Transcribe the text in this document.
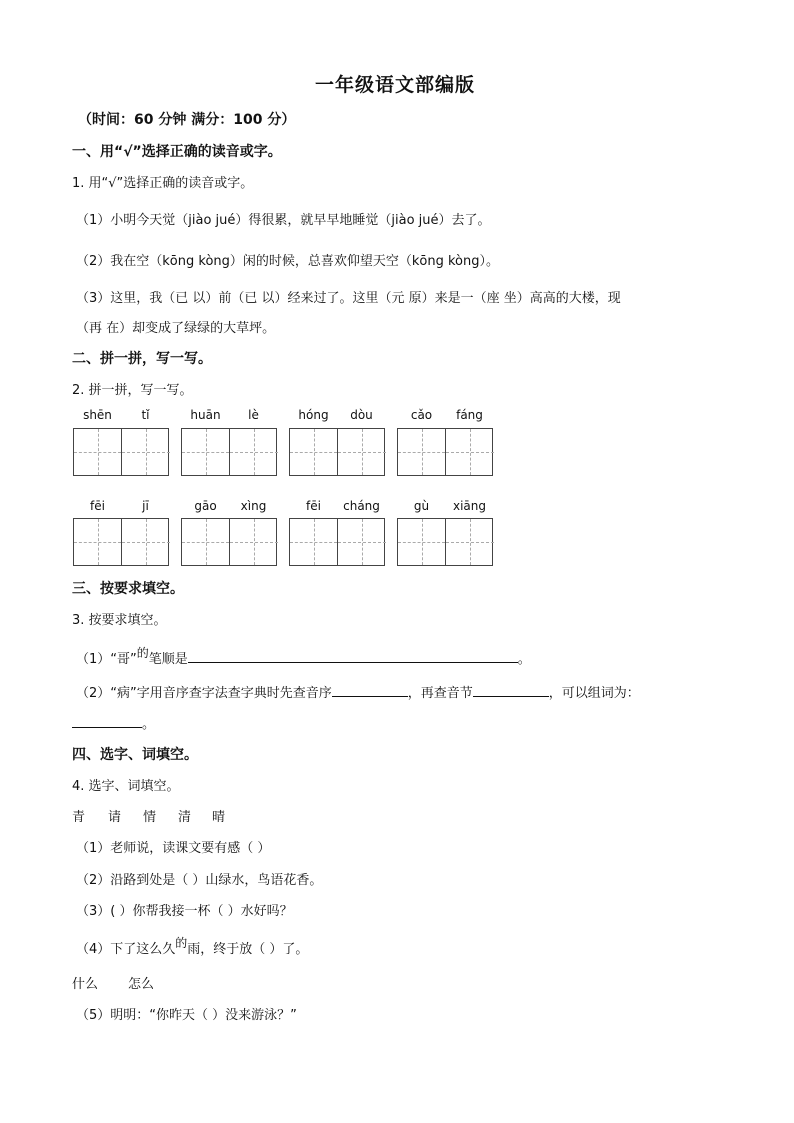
一年级语文部编版
（时间：60 分钟 满分：100 分）
一、用“√”选择正确的读音或字。
1. 用“√”选择正确的读音或字。
（1）小明今天觉（jiào jué）得很累，就早早地睡觉（jiào jué）去了。
（2）我在空（kōng kòng）闲的时候，总喜欢仰望天空（kōng kòng）。
（3）这里，我（已 以）前（已 以）经来过了。这里（元 原）来是一（座 坐）高高的大楼，现
（再 在）却变成了绿绿的大草坪。
二、拼一拼，写一写。
2. 拼一拼，写一写。
shēn	tǐ	huān	lè	hóng	dòu	cǎo	fáng
fēi	jī	gāo	xìng	fēi	cháng	gù	xiāng
三、按要求填空。
3. 按要求填空。
（1）“哥”的笔顺是	。
（2）“病”字用音序查字法查字典时先查音序	，再查音节	，可以组词为：
。
四、选字、词填空。
4. 选字、词填空。
青 请 情 清 晴
（1）老师说，读课文要有感（ ）
（2）沿路到处是（ ）山绿水，鸟语花香。
（3）( ）你帮我接一杯（ ）水好吗？
（4）下了这么久的雨，终于放（ ）了。
什么 怎么
（5）明明：“你昨天（ ）没来游泳？”
